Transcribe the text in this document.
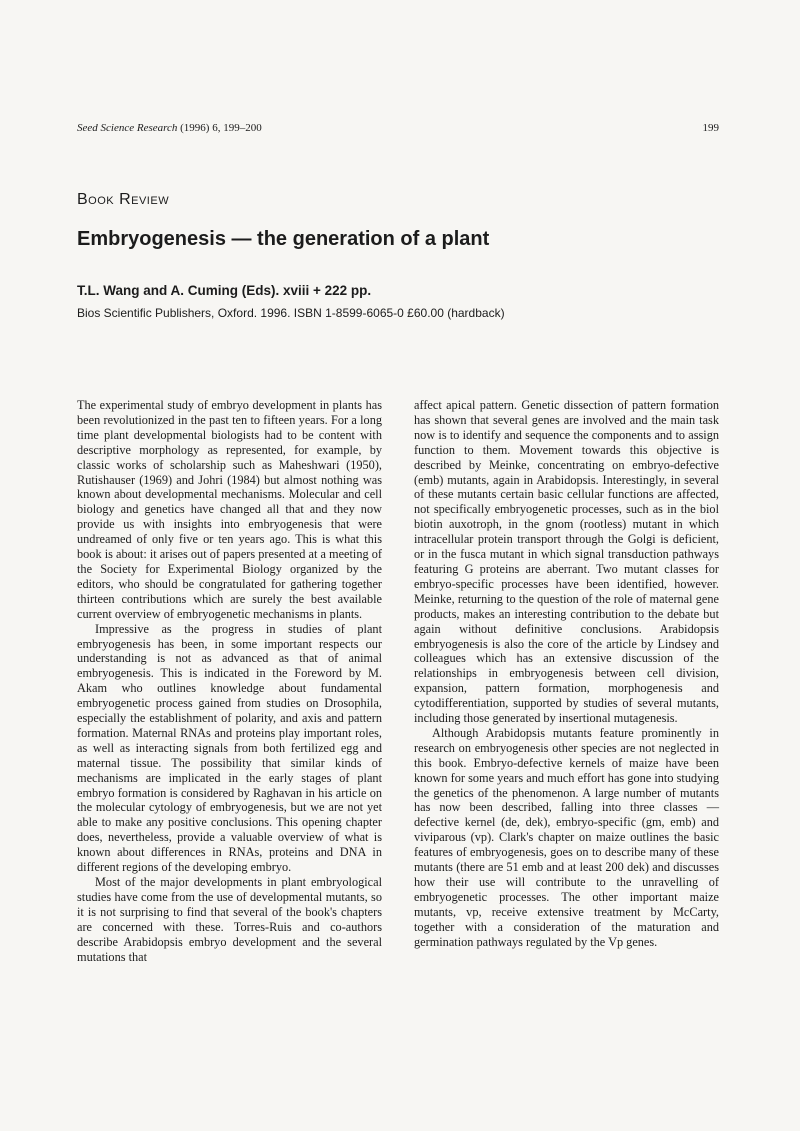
Seed Science Research (1996) 6, 199–200	199
Book Review
Embryogenesis — the generation of a plant
T.L. Wang and A. Cuming (Eds). xviii + 222 pp.
Bios Scientific Publishers, Oxford. 1996. ISBN 1-8599-6065-0 £60.00 (hardback)

The experimental study of embryo development in plants has been revolutionized in the past ten to fifteen years. For a long time plant developmental biologists had to be content with descriptive morphology as represented, for example, by classic works of scholarship such as Maheshwari (1950), Rutishauser (1969) and Johri (1984) but almost nothing was known about developmental mechanisms. Molecular and cell biology and genetics have changed all that and they now provide us with insights into embryogenesis that were undreamed of only five or ten years ago. This is what this book is about: it arises out of papers presented at a meeting of the Society for Experimental Biology organized by the editors, who should be congratulated for gathering together thirteen contributions which are surely the best available current overview of embryogenetic mechanisms in plants.

Impressive as the progress in studies of plant embryogenesis has been, in some important respects our understanding is not as advanced as that of animal embryogenesis. This is indicated in the Foreword by M. Akam who outlines knowledge about fundamental embryogenetic process gained from studies on Drosophila, especially the establishment of polarity, and axis and pattern formation. Maternal RNAs and proteins play important roles, as well as interacting signals from both fertilized egg and maternal tissue. The possibility that similar kinds of mechanisms are implicated in the early stages of plant embryo formation is considered by Raghavan in his article on the molecular cytology of embryogenesis, but we are not yet able to make any positive conclusions. This opening chapter does, nevertheless, provide a valuable overview of what is known about differences in RNAs, proteins and DNA in different regions of the developing embryo.

Most of the major developments in plant embryological studies have come from the use of developmental mutants, so it is not surprising to find that several of the book's chapters are concerned with these. Torres-Ruis and co-authors describe Arabidopsis embryo development and the several mutations that

affect apical pattern. Genetic dissection of pattern formation has shown that several genes are involved and the main task now is to identify and sequence the components and to assign function to them. Movement towards this objective is described by Meinke, concentrating on embryo-defective (emb) mutants, again in Arabidopsis. Interestingly, in several of these mutants certain basic cellular functions are affected, not specifically embryogenetic processes, such as in the biol biotin auxotroph, in the gnom (rootless) mutant in which intracellular protein transport through the Golgi is deficient, or in the fusca mutant in which signal transduction pathways featuring G proteins are aberrant. Two mutant classes for embryo-specific processes have been identified, however. Meinke, returning to the question of the role of maternal gene products, makes an interesting contribution to the debate but again without definitive conclusions. Arabidopsis embryogenesis is also the core of the article by Lindsey and colleagues which has an extensive discussion of the relationships in embryogenesis between cell division, expansion, pattern formation, morphogenesis and cytodifferentiation, supported by studies of several mutants, including those generated by insertional mutagenesis.

Although Arabidopsis mutants feature prominently in research on embryogenesis other species are not neglected in this book. Embryo-defective kernels of maize have been known for some years and much effort has gone into studying the genetics of the phenomenon. A large number of mutants has now been described, falling into three classes — defective kernel (de, dek), embryo-specific (gm, emb) and viviparous (vp). Clark's chapter on maize outlines the basic features of embryogenesis, goes on to describe many of these mutants (there are 51 emb and at least 200 dek) and discusses how their use will contribute to the unravelling of embryogenetic processes. The other important maize mutants, vp, receive extensive treatment by McCarty, together with a consideration of the maturation and germination pathways regulated by the Vp genes.
